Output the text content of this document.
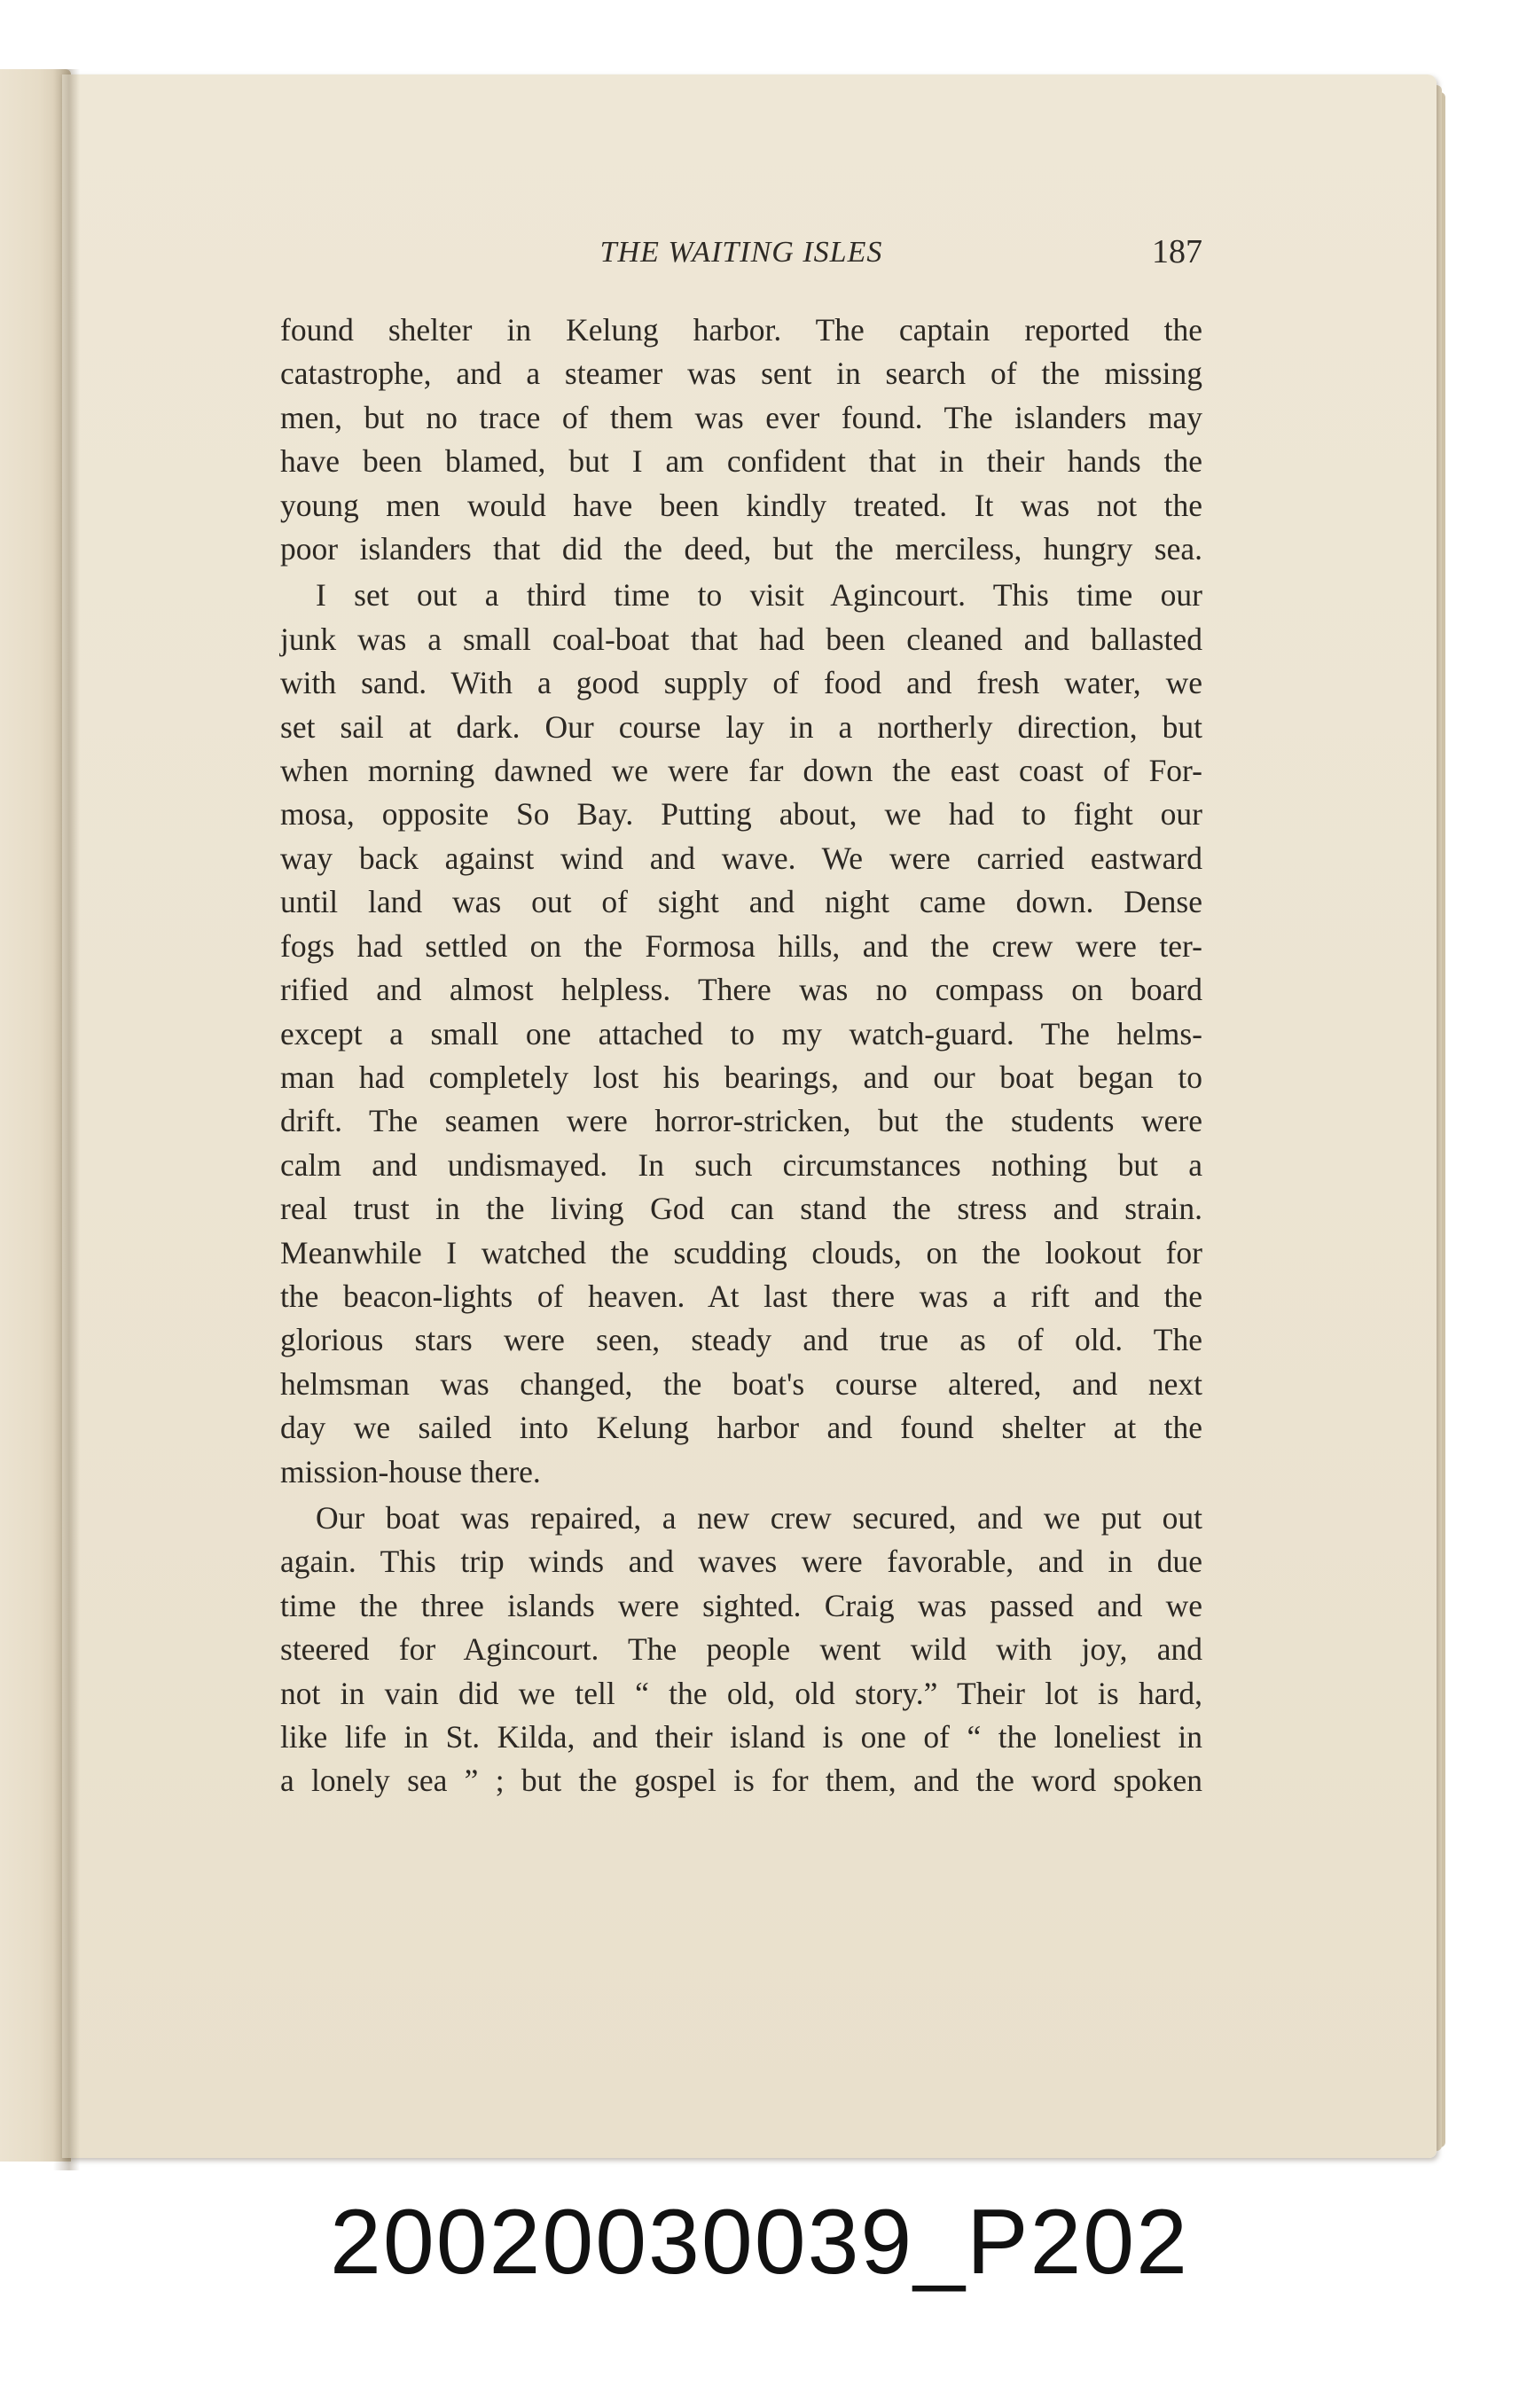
THE WAITING ISLES	187

found shelter in Kelung harbor. The captain reported the
catastrophe, and a steamer was sent in search of the missing
men, but no trace of them was ever found. The islanders may
have been blamed, but I am confident that in their hands the
young men would have been kindly treated. It was not the
poor islanders that did the deed, but the merciless, hungry sea.

I set out a third time to visit Agincourt. This time our
junk was a small coal-boat that had been cleaned and ballasted
with sand. With a good supply of food and fresh water, we
set sail at dark. Our course lay in a northerly direction, but
when morning dawned we were far down the east coast of For-
mosa, opposite So Bay. Putting about, we had to fight our
way back against wind and wave. We were carried eastward
until land was out of sight and night came down. Dense
fogs had settled on the Formosa hills, and the crew were ter-
rified and almost helpless. There was no compass on board
except a small one attached to my watch-guard. The helms-
man had completely lost his bearings, and our boat began to
drift. The seamen were horror-stricken, but the students were
calm and undismayed. In such circumstances nothing but a
real trust in the living God can stand the stress and strain.
Meanwhile I watched the scudding clouds, on the lookout for
the beacon-lights of heaven. At last there was a rift and the
glorious stars were seen, steady and true as of old. The
helmsman was changed, the boat's course altered, and next
day we sailed into Kelung harbor and found shelter at the
mission-house there.

Our boat was repaired, a new crew secured, and we put out
again. This trip winds and waves were favorable, and in due
time the three islands were sighted. Craig was passed and we
steered for Agincourt. The people went wild with joy, and
not in vain did we tell “ the old, old story.” Their lot is hard,
like life in St. Kilda, and their island is one of “ the loneliest in
a lonely sea ” ; but the gospel is for them, and the word spoken

20020030039_P202
